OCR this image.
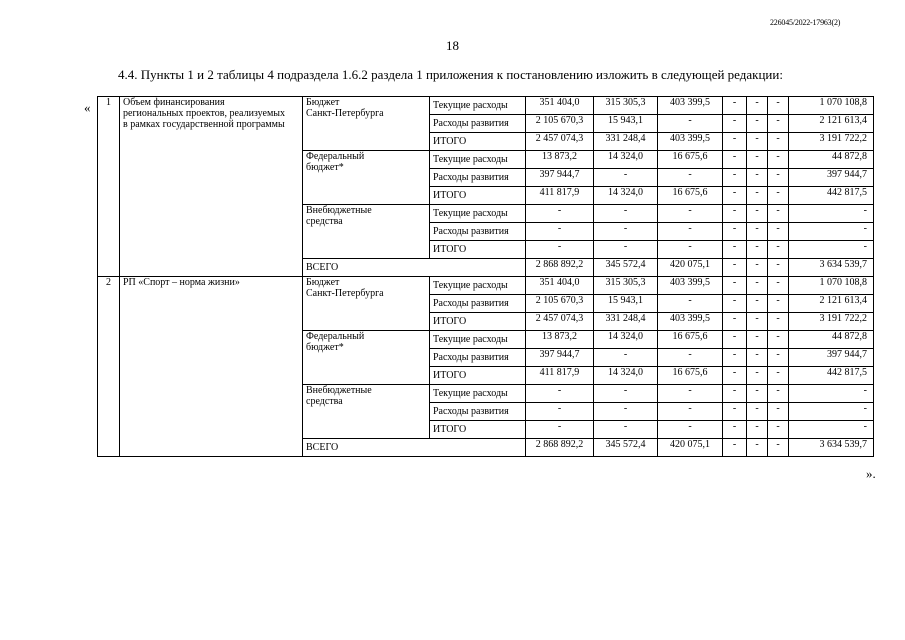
226045/2022-17963(2)
18
4.4. Пункты 1 и 2 таблицы 4 подраздела 1.6.2 раздела 1 приложения к постановлению изложить в следующей редакции:
«
».
1	Объем финансирования
региональных проектов, реализуемых
в рамках государственной программы	Бюджет
Санкт-Петербурга	Текущие расходы	351 404,0	315 305,3	403 399,5	-	-	-	1 070 108,8
			Расходы развития	2 105 670,3	15 943,1	-	-	-	-	2 121 613,4
			ИТОГО	2 457 074,3	331 248,4	403 399,5	-	-	-	3 191 722,2
		Федеральный
бюджет*	Текущие расходы	13 873,2	14 324,0	16 675,6	-	-	-	44 872,8
			Расходы развития	397 944,7	-	-	-	-	-	397 944,7
			ИТОГО	411 817,9	14 324,0	16 675,6	-	-	-	442 817,5
		Внебюджетные
средства	Текущие расходы	-	-	-	-	-	-	-
			Расходы развития	-	-	-	-	-	-	-
			ИТОГО	-	-	-	-	-	-	-
		ВСЕГО		2 868 892,2	345 572,4	420 075,1	-	-	-	3 634 539,7
2	РП «Спорт – норма жизни»	Бюджет
Санкт-Петербурга	Текущие расходы	351 404,0	315 305,3	403 399,5	-	-	-	1 070 108,8
			Расходы развития	2 105 670,3	15 943,1	-	-	-	-	2 121 613,4
			ИТОГО	2 457 074,3	331 248,4	403 399,5	-	-	-	3 191 722,2
		Федеральный
бюджет*	Текущие расходы	13 873,2	14 324,0	16 675,6	-	-	-	44 872,8
			Расходы развития	397 944,7	-	-	-	-	-	397 944,7
			ИТОГО	411 817,9	14 324,0	16 675,6	-	-	-	442 817,5
		Внебюджетные
средства	Текущие расходы	-	-	-	-	-	-	-
			Расходы развития	-	-	-	-	-	-	-
			ИТОГО	-	-	-	-	-	-	-
		ВСЕГО		2 868 892,2	345 572,4	420 075,1	-	-	-	3 634 539,7
